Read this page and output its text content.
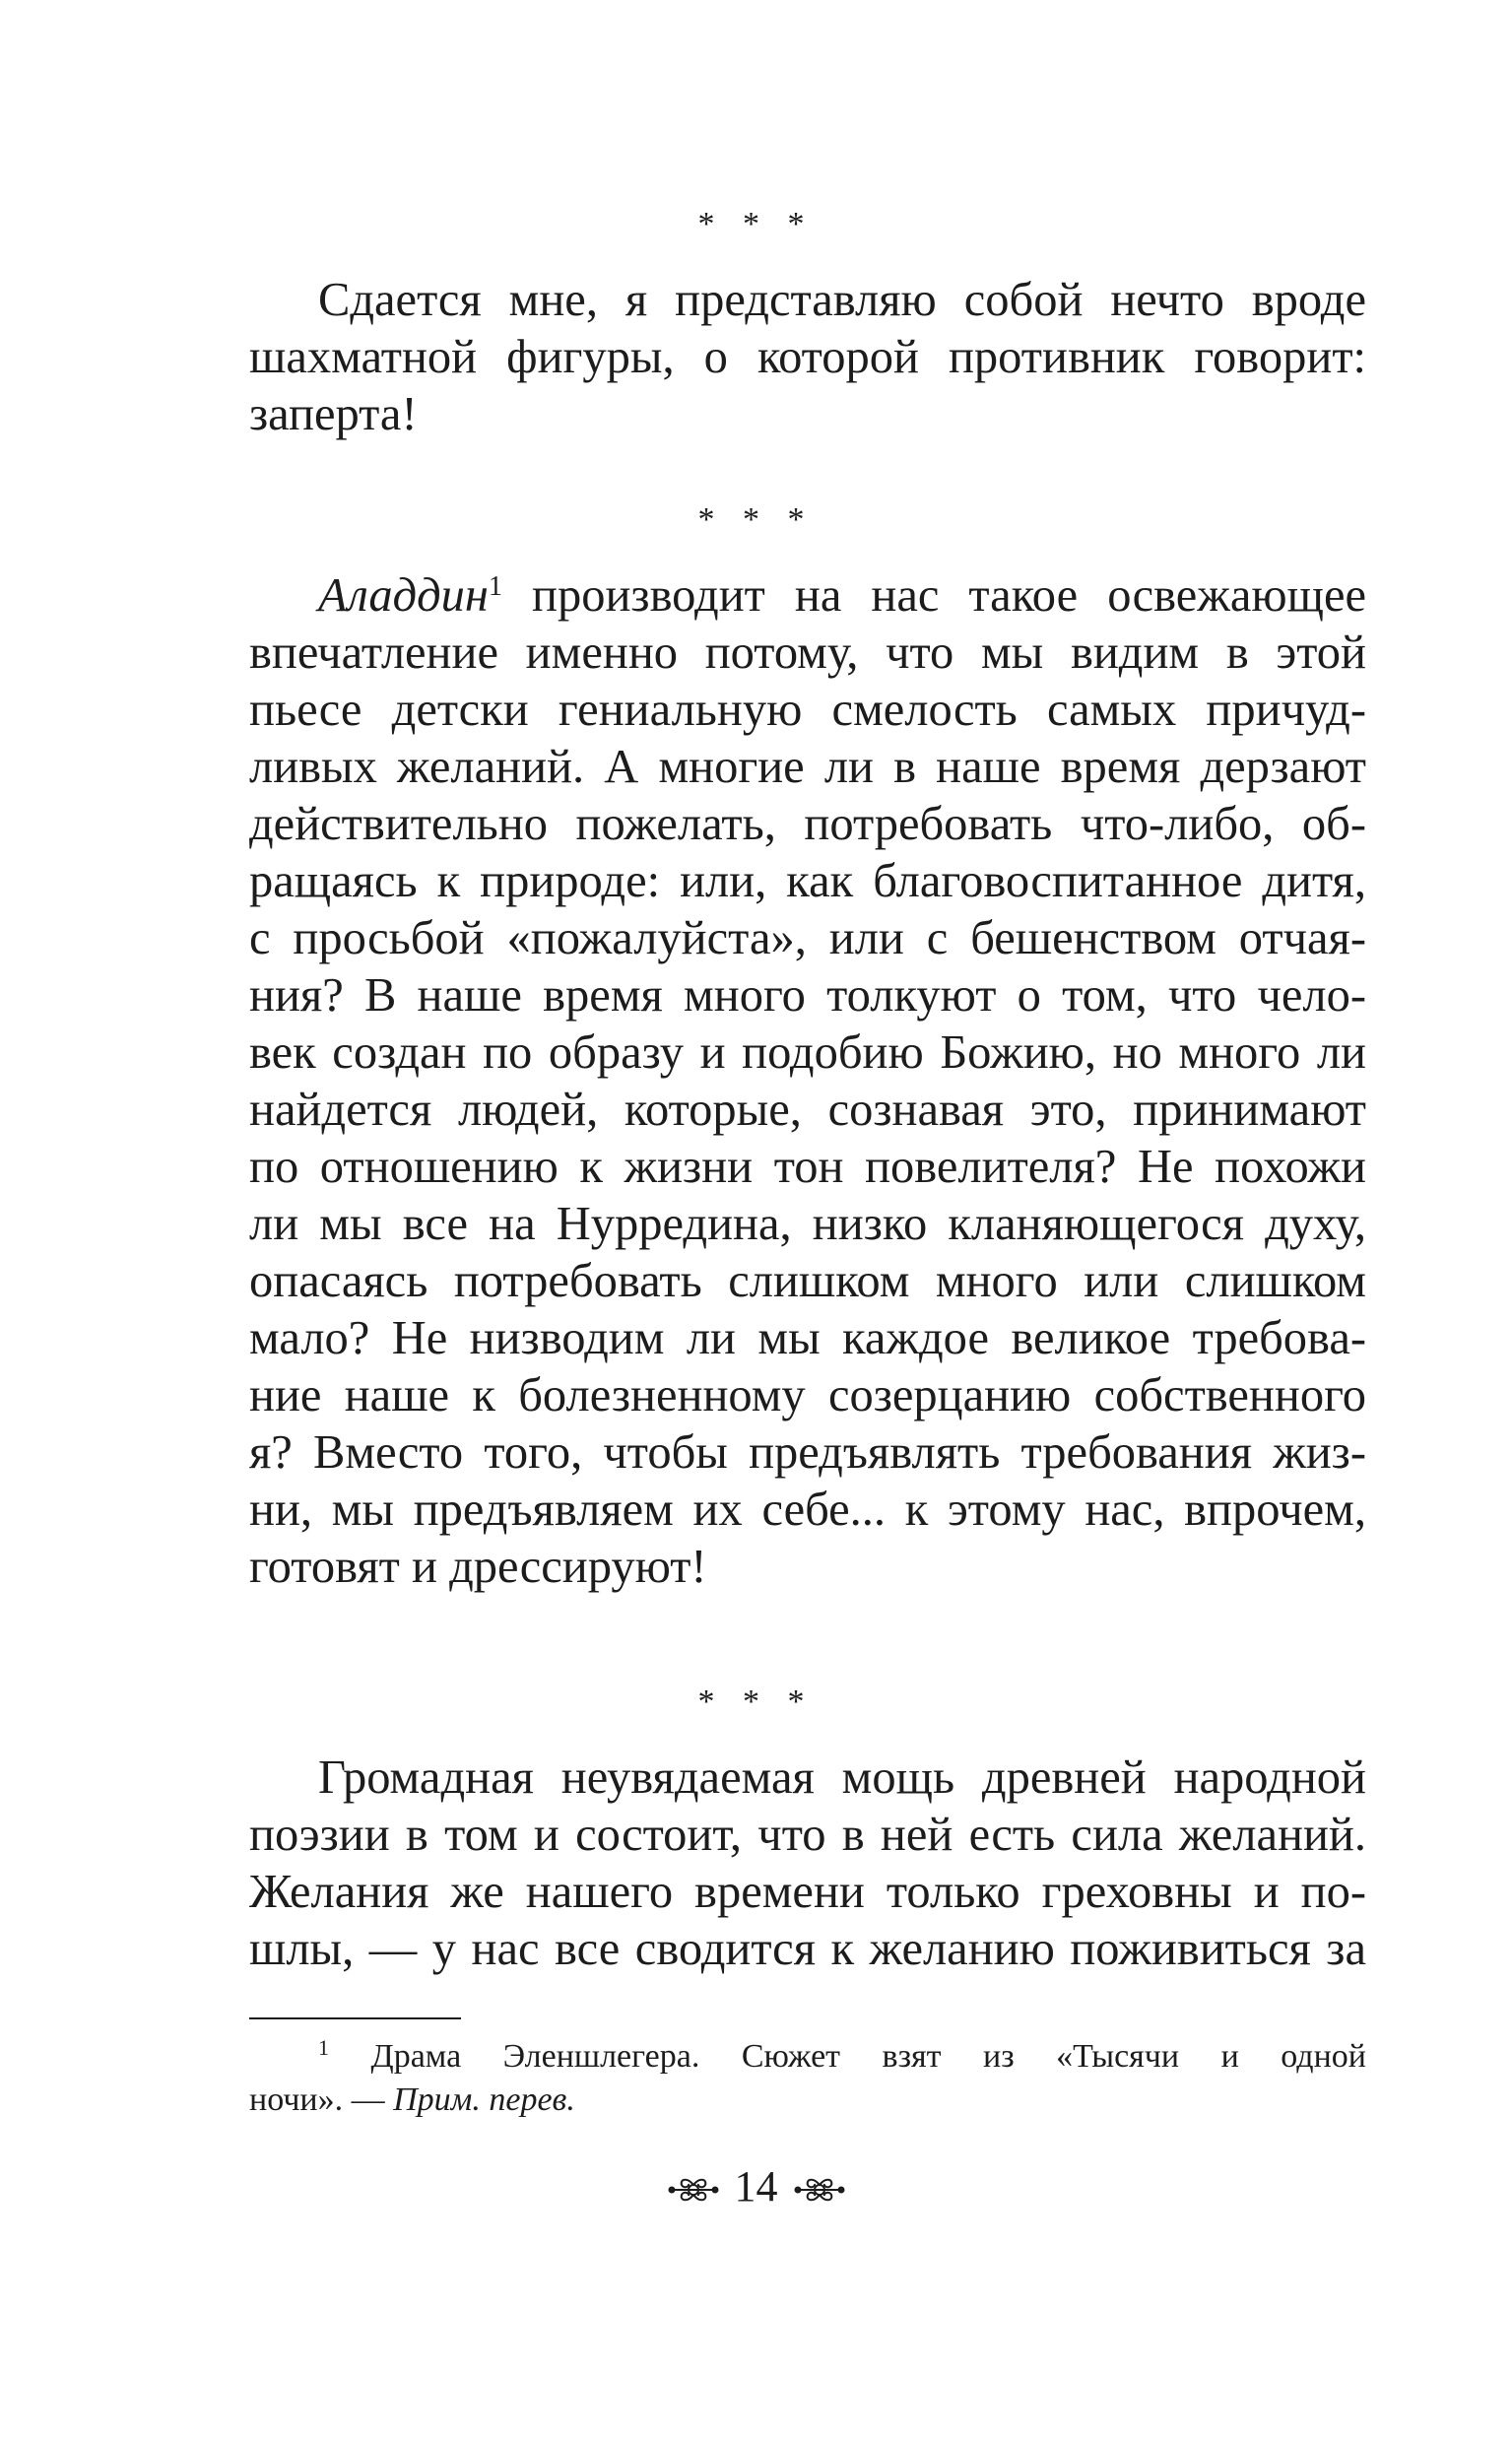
* * *
Сдается мне, я представляю собой нечто вроде
шахматной фигуры, о которой противник говорит:
заперта!
* * *
Аладдин$^1$ производит на нас такое освежающее
впечатление именно потому, что мы видим в этой
пьесе детски гениальную смелость самых причуд-
ливых желаний. А многие ли в наше время дерзают
действительно пожелать, потребовать что-либо, об-
ращаясь к природе: или, как благовоспитанное дитя,
с просьбой «пожалуйста», или с бешенством отчая-
ния? В наше время много толкуют о том, что чело-
век создан по образу и подобию Божию, но много ли
найдется людей, которые, сознавая это, принимают
по отношению к жизни тон повелителя? Не похожи
ли мы все на Нурредина, низко кланяющегося духу,
опасаясь потребовать слишком много или слишком
мало? Не низводим ли мы каждое великое требова-
ние наше к болезненному созерцанию собственного
я? Вместо того, чтобы предъявлять требования жиз-
ни, мы предъявляем их себе... к этому нас, впрочем,
готовят и дрессируют!
* * *
Громадная неувядаемая мощь древней народной
поэзии в том и состоит, что в ней есть сила желаний.
Желания же нашего времени только греховны и по-
шлы, — у нас все сводится к желанию поживиться за
$^1$ Драма Эленшлегера. Сюжет взят из «Тысячи и одной
ночи». — Прим. перев.
14
